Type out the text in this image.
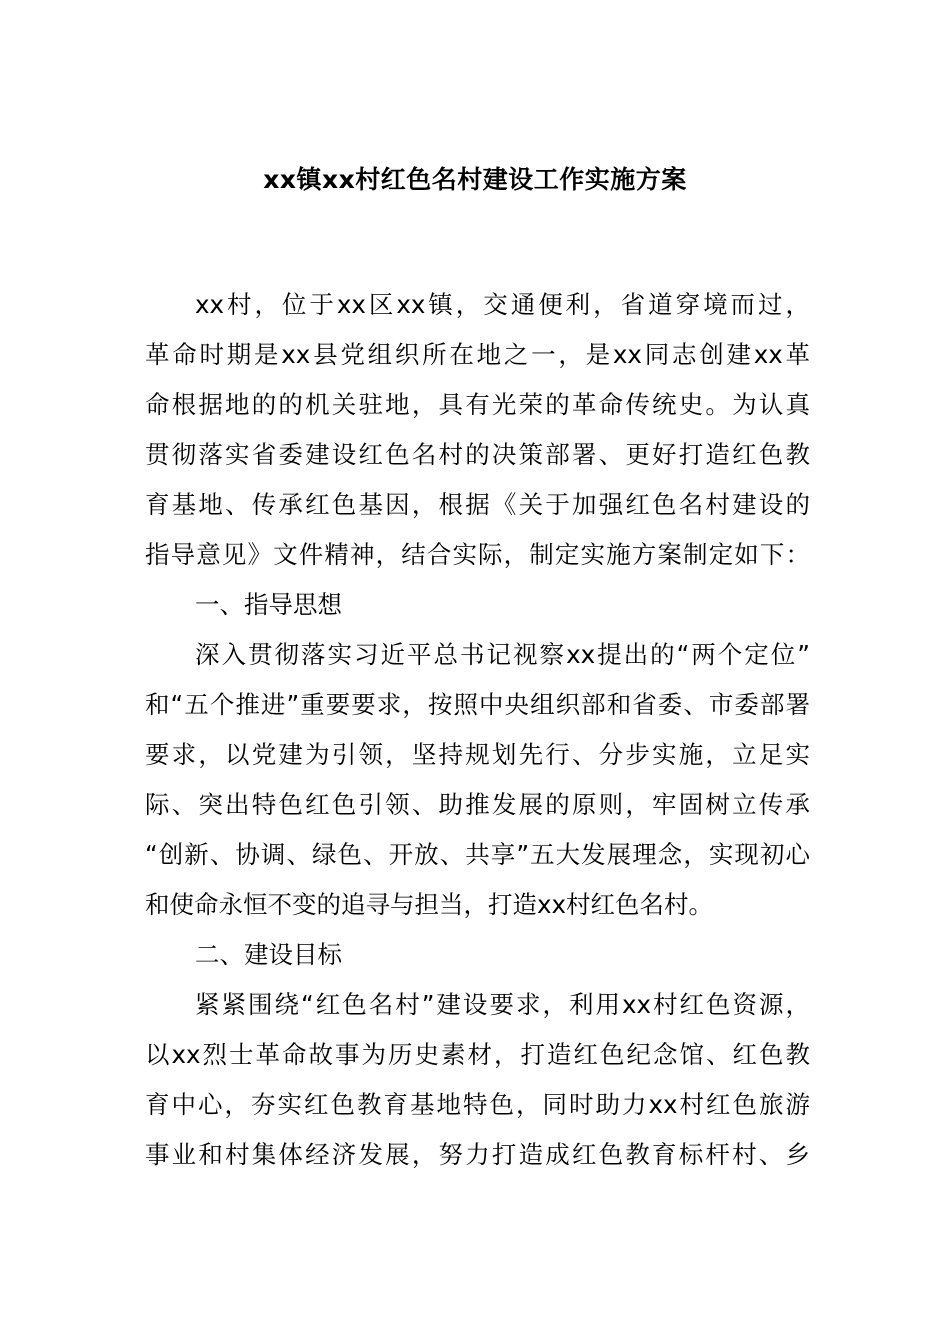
xx镇xx村红色名村建设工作实施方案
xx村，位于xx区xx镇，交通便利，省道穿境而过，
革命时期是xx县党组织所在地之一，是xx同志创建xx革
命根据地的的机关驻地，具有光荣的革命传统史。为认真
贯彻落实省委建设红色名村的决策部署、更好打造红色教
育基地、传承红色基因，根据《关于加强红色名村建设的
指导意见》文件精神，结合实际，制定实施方案制定如下：
一、指导思想
深入贯彻落实习近平总书记视察xx提出的“两个定位”
和“五个推进”重要要求，按照中央组织部和省委、市委部署
要求，以党建为引领，坚持规划先行、分步实施，立足实
际、突出特色红色引领、助推发展的原则，牢固树立传承
“创新、协调、绿色、开放、共享”五大发展理念，实现初心
和使命永恒不变的追寻与担当，打造xx村红色名村。
二、建设目标
紧紧围绕“红色名村”建设要求，利用xx村红色资源，
以xx烈士革命故事为历史素材，打造红色纪念馆、红色教
育中心，夯实红色教育基地特色，同时助力xx村红色旅游
事业和村集体经济发展，努力打造成红色教育标杆村、乡
